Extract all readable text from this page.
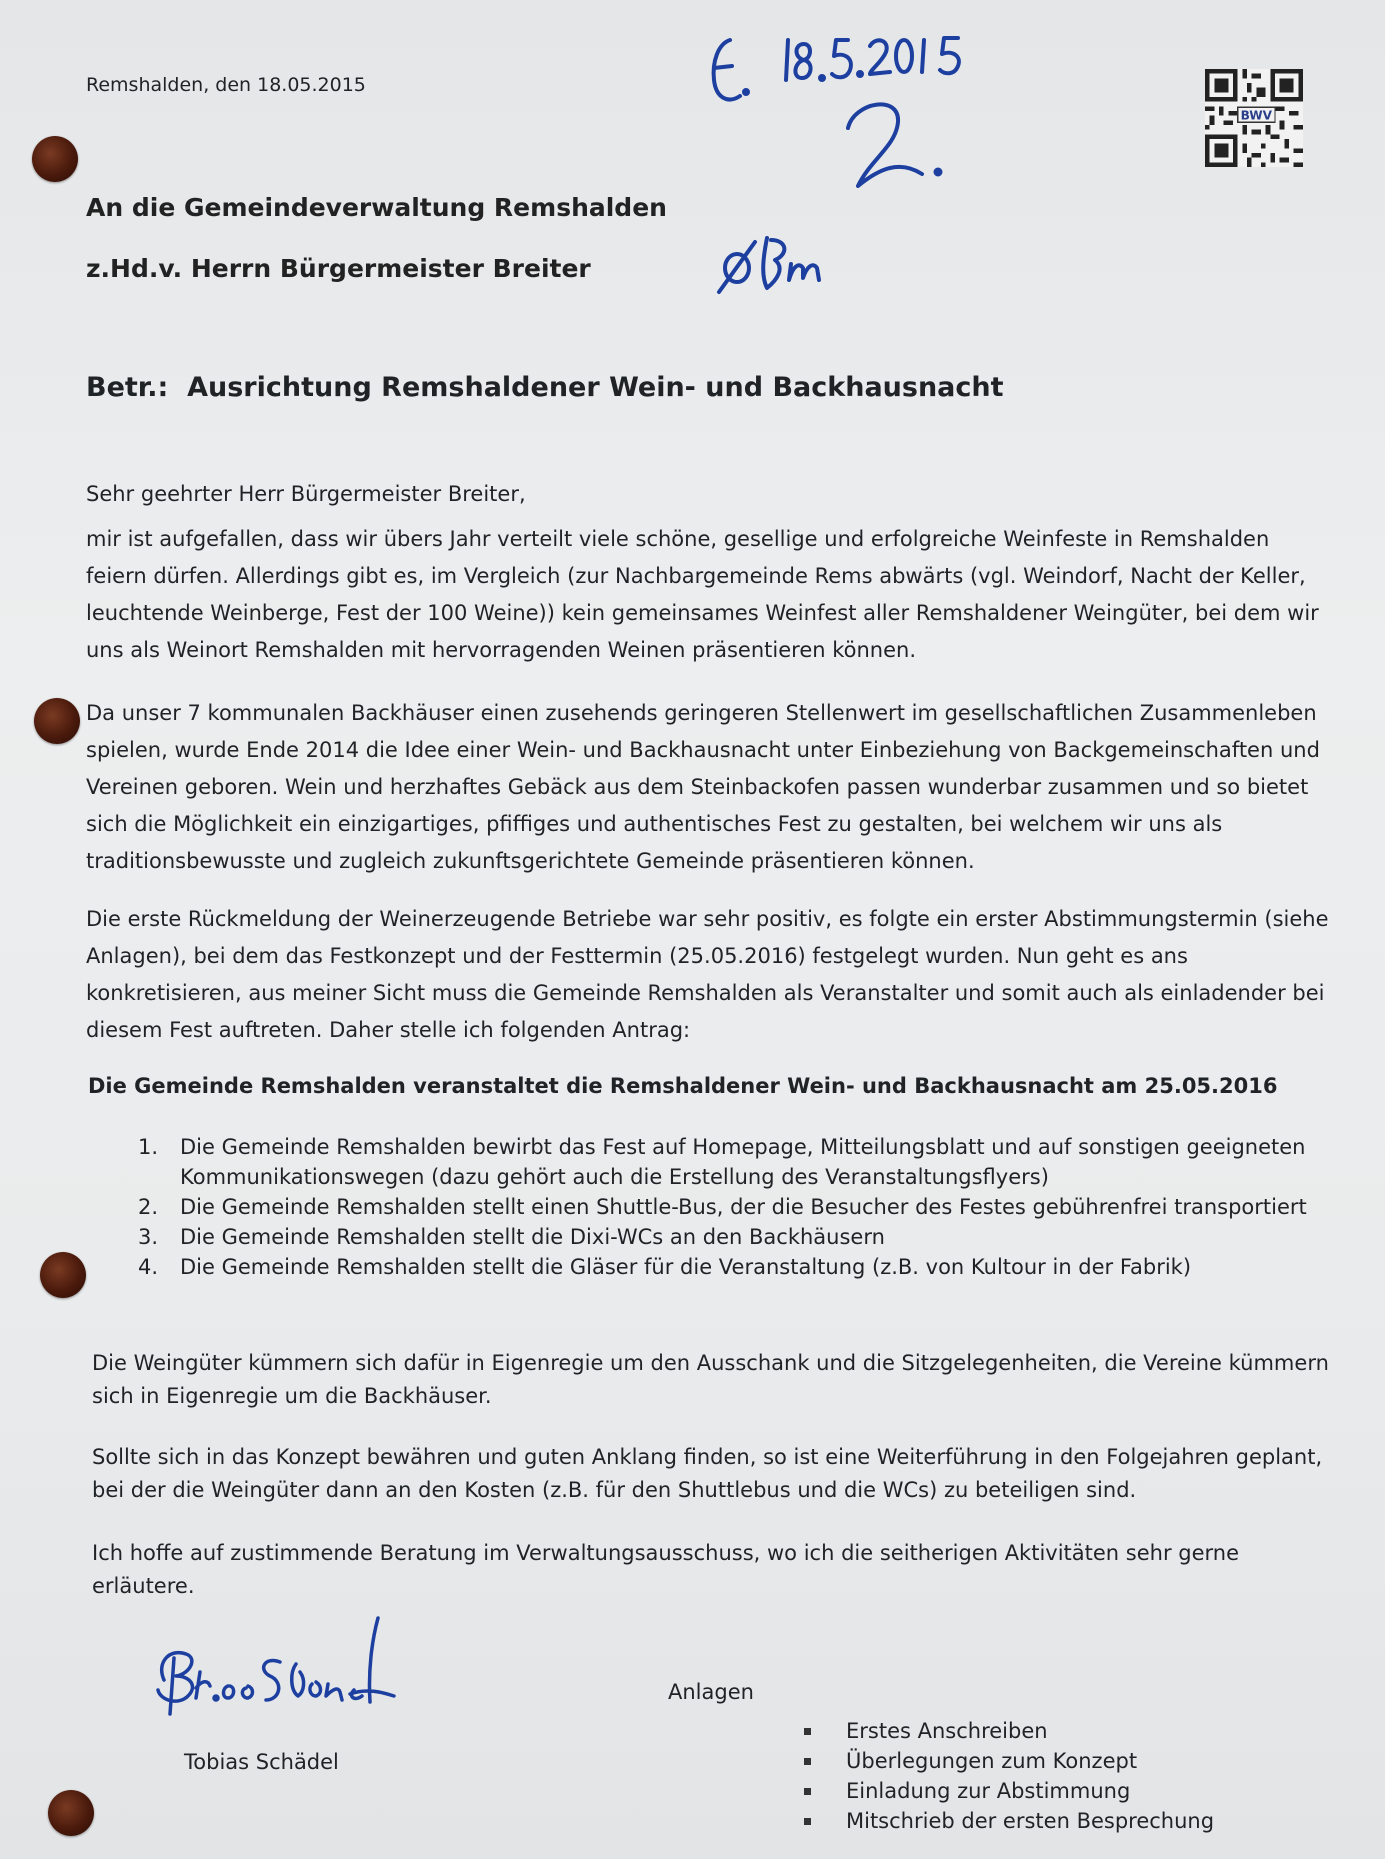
Remshalden, den 18.05.2015
An die Gemeindeverwaltung Remshalden
z.Hd.v. Herrn Bürgermeister Breiter
BWV
Betr.:  Ausrichtung Remshaldener Wein- und Backhausnacht
Sehr geehrter Herr Bürgermeister Breiter,
mir ist aufgefallen, dass wir übers Jahr verteilt viele schöne, gesellige und erfolgreiche Weinfeste in Remshalden feiern dürfen. Allerdings gibt es, im Vergleich (zur Nachbargemeinde Rems abwärts (vgl. Weindorf, Nacht der Keller, leuchtende Weinberge, Fest der 100 Weine)) kein gemeinsames Weinfest aller Remshaldener Weingüter, bei dem wir uns als Weinort Remshalden mit hervorragenden Weinen präsentieren können.
Da unser 7 kommunalen Backhäuser einen zusehends geringeren Stellenwert im gesellschaftlichen Zusammenleben spielen, wurde Ende 2014 die Idee einer Wein- und Backhausnacht unter Einbeziehung von Backgemeinschaften und Vereinen geboren. Wein und herzhaftes Gebäck aus dem Steinbackofen passen wunderbar zusammen und so bietet sich die Möglichkeit ein einzigartiges, pfiffiges und authentisches Fest zu gestalten, bei welchem wir uns als traditionsbewusste und zugleich zukunftsgerichtete Gemeinde präsentieren können.
Die erste Rückmeldung der Weinerzeugende Betriebe war sehr positiv, es folgte ein erster Abstimmungstermin (siehe Anlagen), bei dem das Festkonzept und der Festtermin (25.05.2016) festgelegt wurden. Nun geht es ans konkretisieren, aus meiner Sicht muss die Gemeinde Remshalden als Veranstalter und somit auch als einladender bei diesem Fest auftreten. Daher stelle ich folgenden Antrag:
Die Gemeinde Remshalden veranstaltet die Remshaldener Wein- und Backhausnacht am 25.05.2016
1.	Die Gemeinde Remshalden bewirbt das Fest auf Homepage, Mitteilungsblatt und auf sonstigen geeigneten Kommunikationswegen (dazu gehört auch die Erstellung des Veranstaltungsflyers)
2.	Die Gemeinde Remshalden stellt einen Shuttle-Bus, der die Besucher des Festes gebührenfrei transportiert
3.	Die Gemeinde Remshalden stellt die Dixi-WCs an den Backhäusern
4.	Die Gemeinde Remshalden stellt die Gläser für die Veranstaltung (z.B. von Kultour in der Fabrik)
Die Weingüter kümmern sich dafür in Eigenregie um den Ausschank und die Sitzgelegenheiten, die Vereine kümmern sich in Eigenregie um die Backhäuser.
Sollte sich in das Konzept bewähren und guten Anklang finden, so ist eine Weiterführung in den Folgejahren geplant, bei der die Weingüter dann an den Kosten (z.B. für den Shuttlebus und die WCs) zu beteiligen sind.
Ich hoffe auf zustimmende Beratung im Verwaltungsausschuss, wo ich die seitherigen Aktivitäten sehr gerne erläutere.
Tobias Schädel
Anlagen
Erstes Anschreiben
Überlegungen zum Konzept
Einladung zur Abstimmung
Mitschrieb der ersten Besprechung
